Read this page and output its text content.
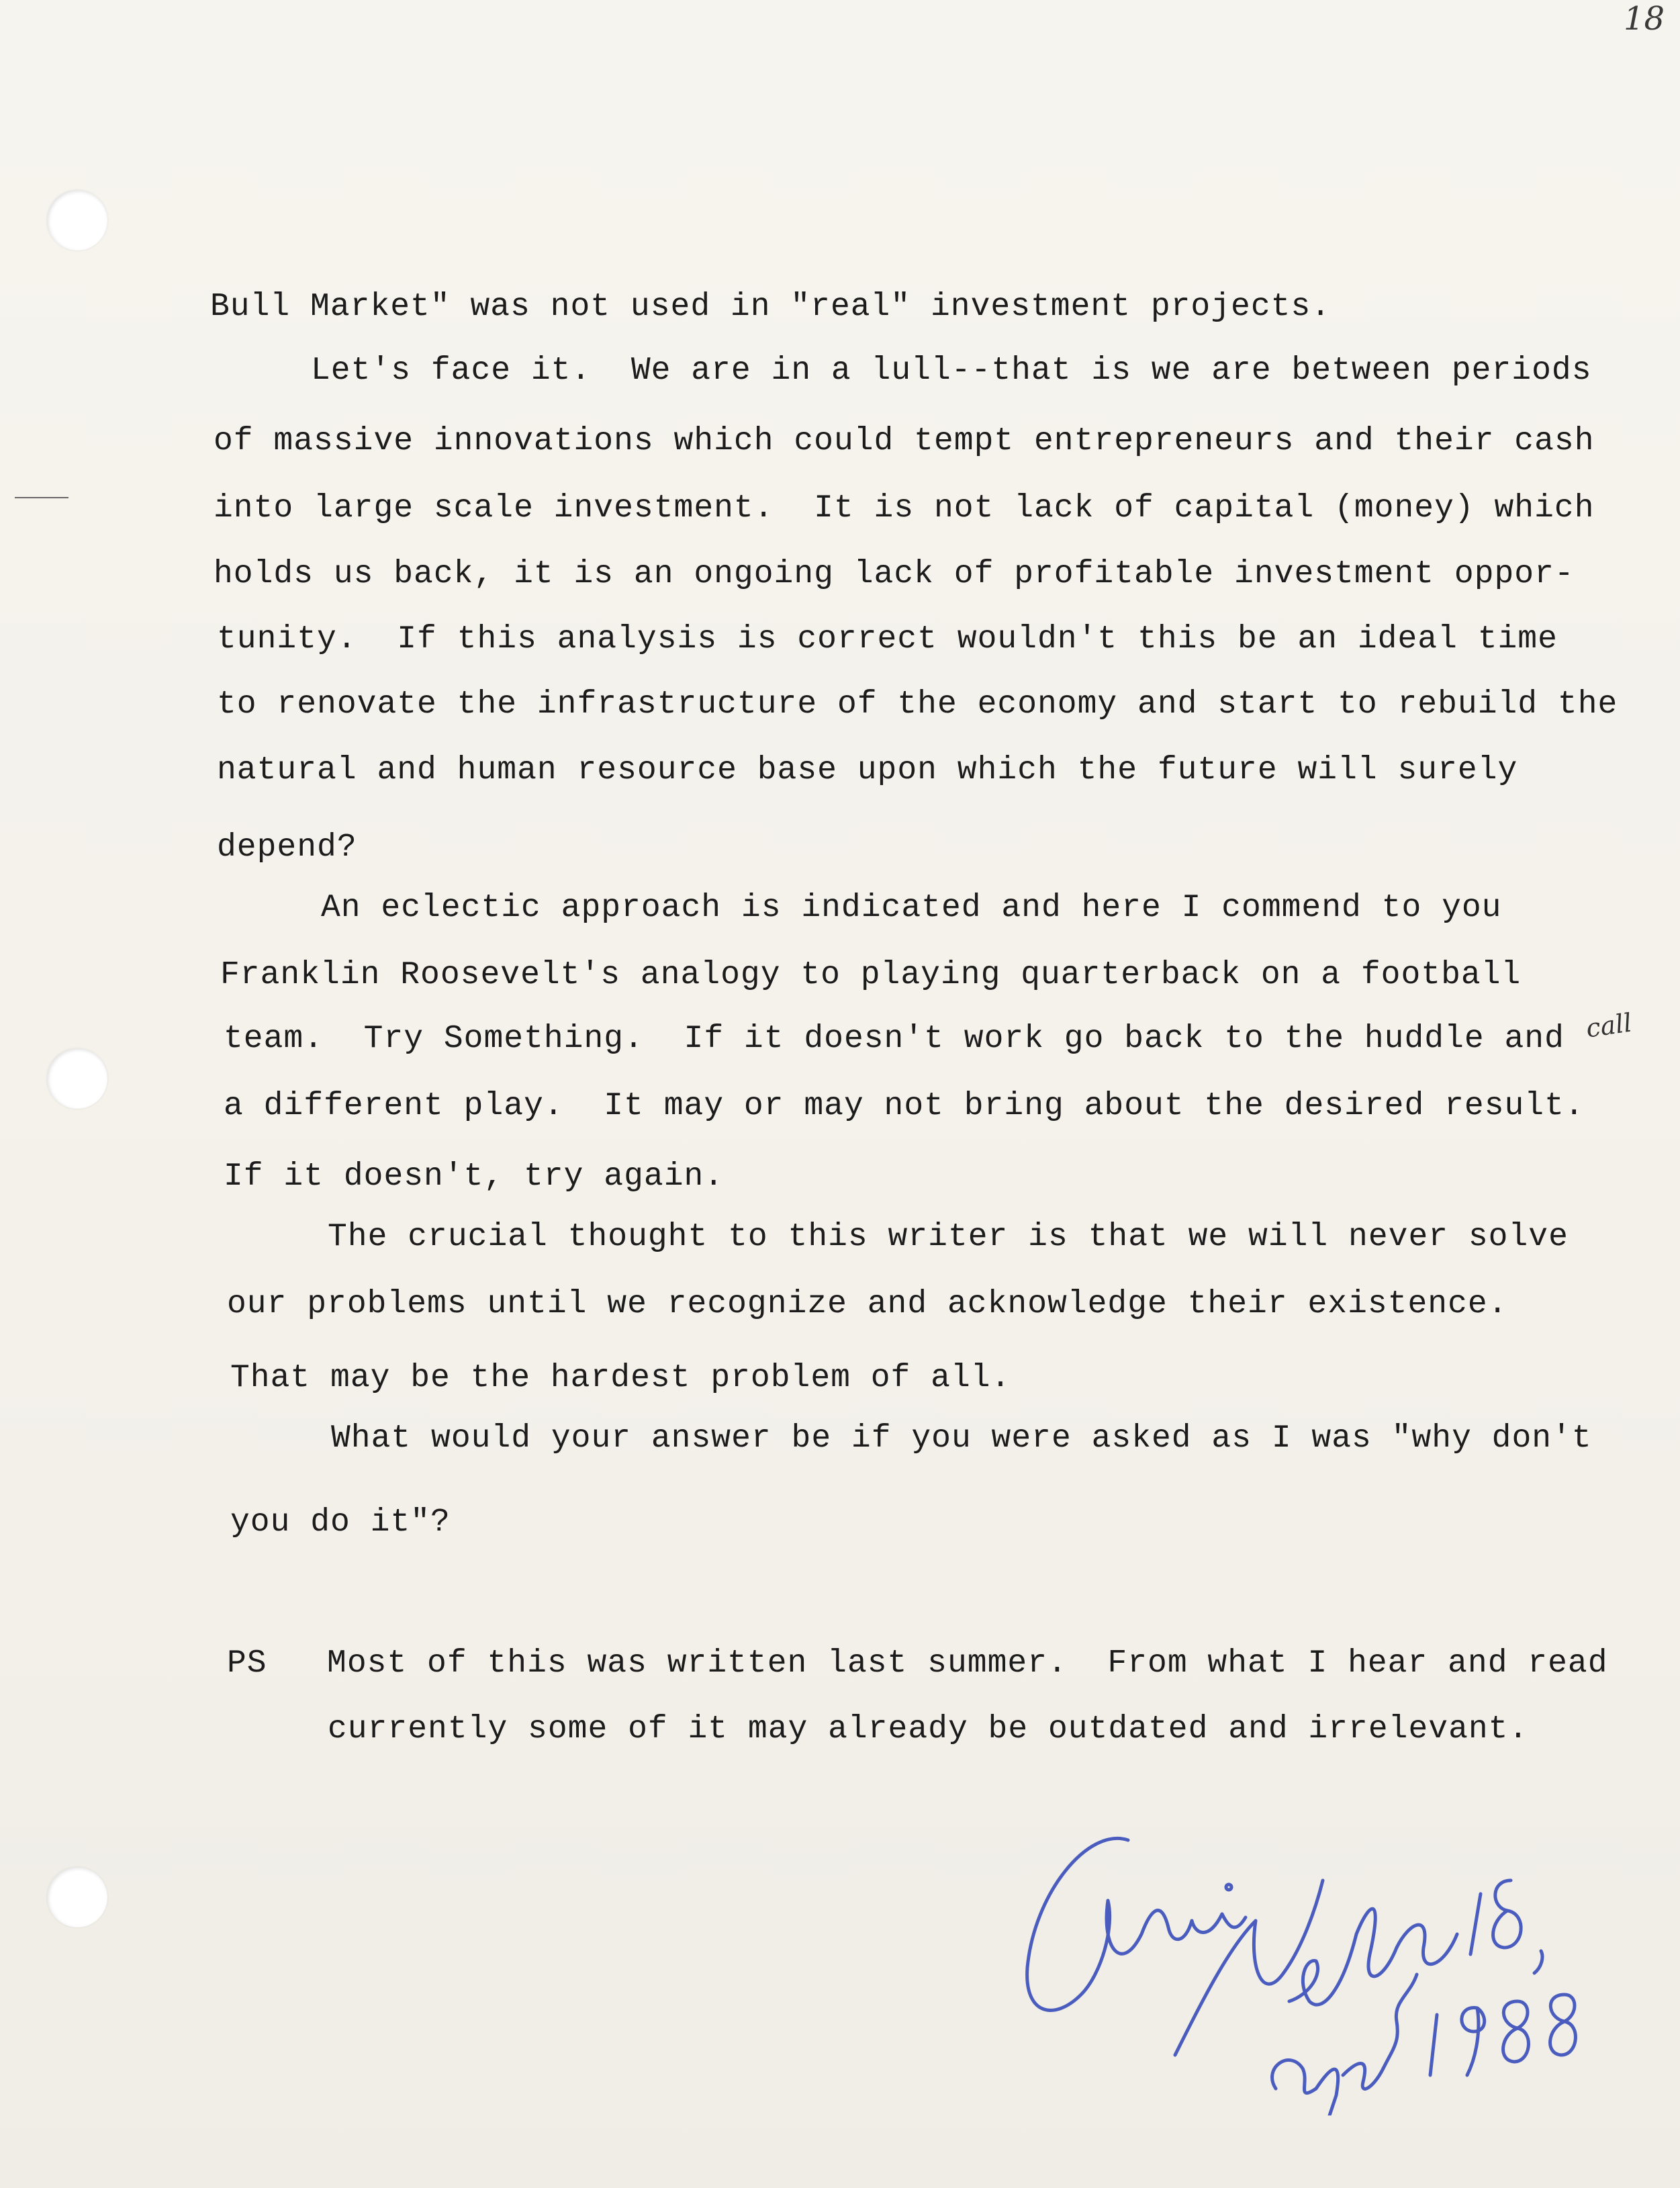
18
Bull Market" was not used in "real" investment projects.
Let's face it.  We are in a lull--that is we are between periods
of massive innovations which could tempt entrepreneurs and their cash
into large scale investment.  It is not lack of capital (money) which
holds us back, it is an ongoing lack of profitable investment oppor-
tunity.  If this analysis is correct wouldn't this be an ideal time
to renovate the infrastructure of the economy and start to rebuild the
natural and human resource base upon which the future will surely
depend?
An eclectic approach is indicated and here I commend to you
Franklin Roosevelt's analogy to playing quarterback on a football
team.  Try Something.  If it doesn't work go back to the huddle and call
a different play.  It may or may not bring about the desired result.
If it doesn't, try again.
The crucial thought to this writer is that we will never solve
our problems until we recognize and acknowledge their existence.
That may be the hardest problem of all.
What would your answer be if you were asked as I was "why don't
you do it"?
PS   Most of this was written last summer.  From what I hear and read
currently some of it may already be outdated and irrelevant.
